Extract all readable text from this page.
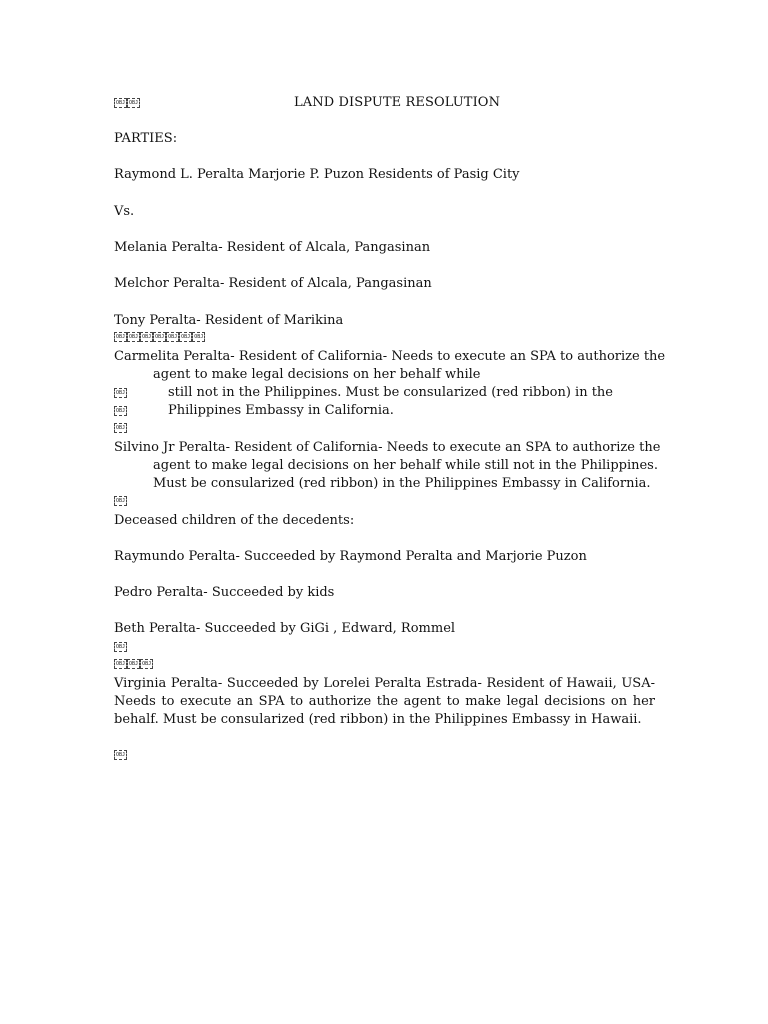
OBJ OBJ	LAND DISPUTE RESOLUTION
PARTIES:
Raymond L. Peralta Marjorie P. Puzon Residents of Pasig City
Vs.
Melania Peralta- Resident of Alcala, Pangasinan
Melchor Peralta- Resident of Alcala, Pangasinan
Tony Peralta- Resident of Marikina
OBJ OBJ OBJ OBJ OBJ OBJ OBJ
Carmelita Peralta- Resident of California- Needs to execute an SPA to authorize the
agent to make legal decisions on her behalf while
OBJ	still not in the Philippines. Must be consularized (red ribbon) in the
OBJ	Philippines Embassy in California.
OBJ
Silvino Jr Peralta- Resident of California- Needs to execute an SPA to authorize the
agent to make legal decisions on her behalf while still not in the Philippines.
Must be consularized (red ribbon) in the Philippines Embassy in California.
OBJ
Deceased children of the decedents:
Raymundo Peralta- Succeeded by Raymond Peralta and Marjorie Puzon
Pedro Peralta- Succeeded by kids
Beth Peralta- Succeeded by GiGi , Edward, Rommel
OBJ
OBJ OBJ OBJ
Virginia Peralta- Succeeded by Lorelei Peralta Estrada- Resident of Hawaii, USA-
Needs to execute an SPA to authorize the agent to make legal decisions on her
behalf. Must be consularized (red ribbon) in the Philippines Embassy in Hawaii.
OBJ
